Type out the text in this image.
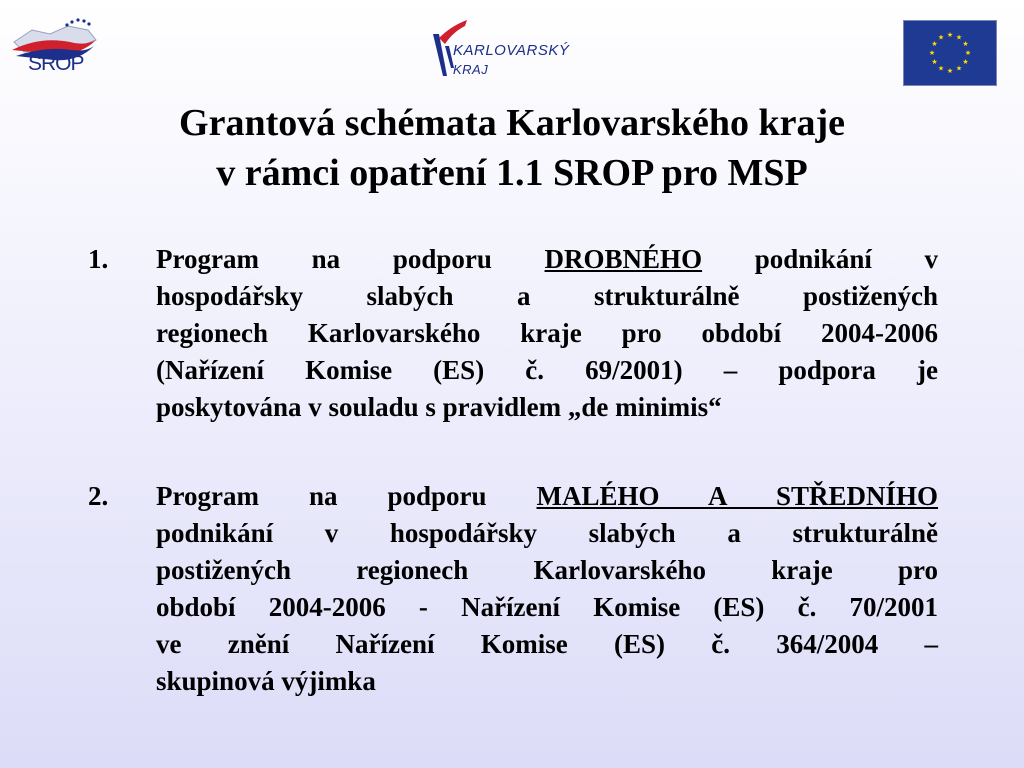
SROP
KARLOVARSKÝ
KRAJ
★ ★
★
★
★
★
★
★
★
★
★
★
Grantová schémata Karlovarského kraje
v rámci opatření 1.1 SROP pro MSP
1.	Program na podporu DROBNÉHO podnikání v
hospodářsky slabých a strukturálně postižených
regionech Karlovarského kraje pro období 2004-2006
(Nařízení Komise (ES) č. 69/2001) – podpora je
poskytována v souladu s pravidlem „de minimis“
2.	Program na podporu MALÉHO A STŘEDNÍHO
podnikání v hospodářsky slabých a strukturálně
postižených regionech Karlovarského kraje pro
období 2004-2006 - Nařízení Komise (ES) č. 70/2001
ve znění Nařízení Komise (ES) č. 364/2004 –
skupinová výjimka
